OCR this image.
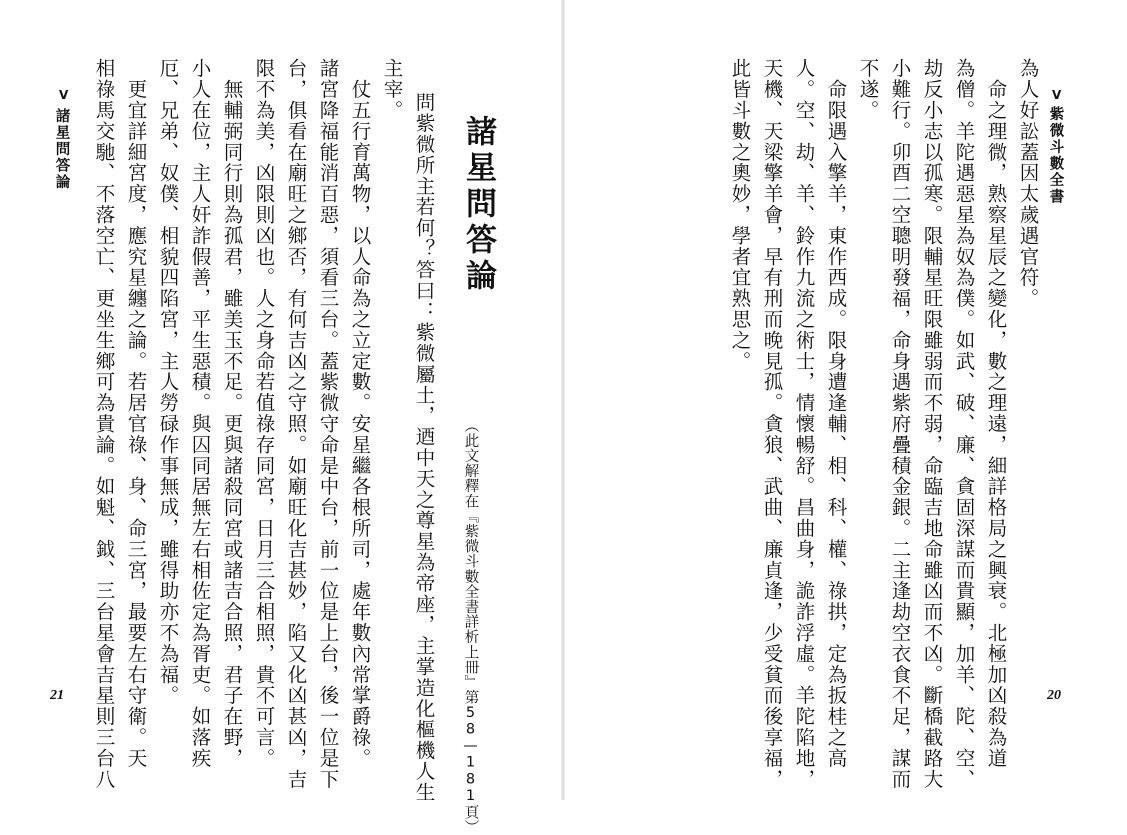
V
諸星問答論 相祿馬交馳、不落空亡、更坐生鄉可為貴論。如魁、鉞、三台星會吉星則三台八 　更宜詳細宮度，應究星纏之論。若居官祿、身、命三宮，最要左右守衛。天 厄、兄弟、奴僕、相貌四陷宮，主人勞碌作事無成，雖得助亦不為福。 小人在位，主人奸詐假善，平生惡積。與囚同居無左右相佐定為胥吏。如落疾 　無輔弼同行則為孤君，雖美玉不足。更與諸殺同宮或諸吉合照，君子在野， 限不為美，凶限則凶也。人之身命若值祿存同宮，日月三合相照，貴不可言。 台，俱看在廟旺之鄉否，有何吉凶之守照。如廟旺化吉甚妙，陷又化凶甚凶，吉 諸宮降福能消百惡，須看三台。蓋紫微守命是中台，前一位是上台，後一位是下 　仗五行育萬物，以人命為之立定數。安星繼各根所司，處年數內常掌爵祿。 主宰。
問紫微所主若何？答曰：紫微屬土，迺中天之尊星為帝座，主掌造化樞機人生 （此文解釋在『紫微斗數全書詳析上冊』第58—181頁）
諸星問答論
21
此皆斗數之奧妙，學者宜熟思之。 天機、天梁擎羊會，早有刑而晚見孤。貪狼、武曲、廉貞逢，少受貧而後享福， 人。空、劫、羊、鈴作九流之術士，情懷暢舒。昌曲身，詭詐浮虛。羊陀陷地， 　命限遇入擎羊，東作西成。限身遭逢輔、相、科、權、祿拱，定為扳桂之高 不遂。 小難行。卯酉二空聰明發福，命身遇紫府疊積金銀。二主逢劫空衣食不足，謀而 劫反小志以孤寒。限輔星旺限雖弱而不弱，命臨吉地命雖凶而不凶。斷橋截路大 為僧。羊陀遇惡星為奴為僕。如武、破、廉、貪固深謀而貴顯，加羊、陀、空、 　命之理微，熟察星辰之變化，數之理遠，細詳格局之興衰。北極加凶殺為道 為人好訟蓋因太歲遇官符。 V
紫微斗數全書
20
